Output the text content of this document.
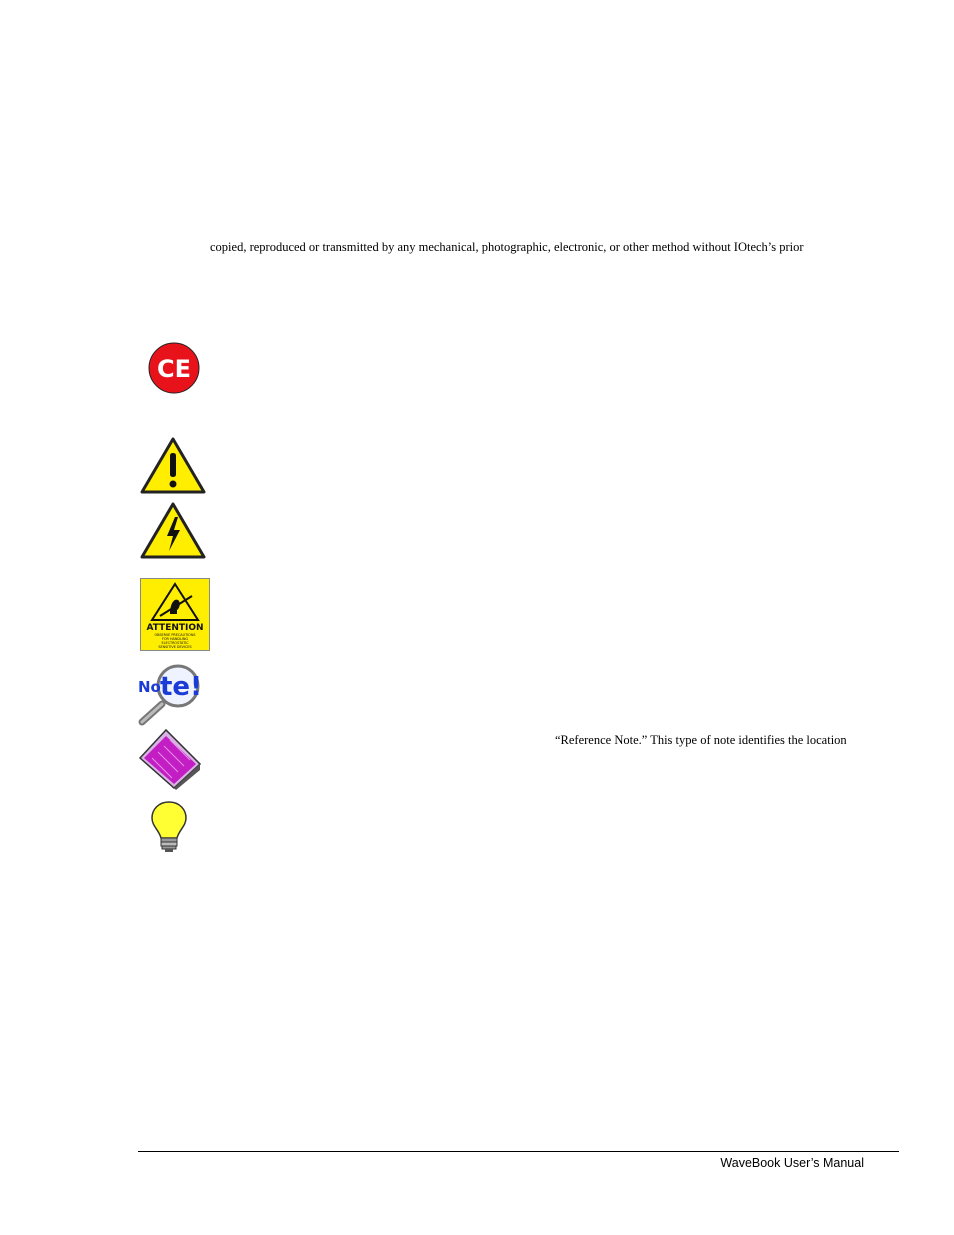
copied, reproduced or transmitted by any mechanical, photographic, electronic, or other method without IOtech’s prior
“Reference Note.” This type of note identifies the location
CE
ATTENTION
OBSERVE PRECAUTIONS
FOR HANDLING
ELECTROSTATIC
SENSITIVE DEVICES
No te!
WaveBook User’s Manual
